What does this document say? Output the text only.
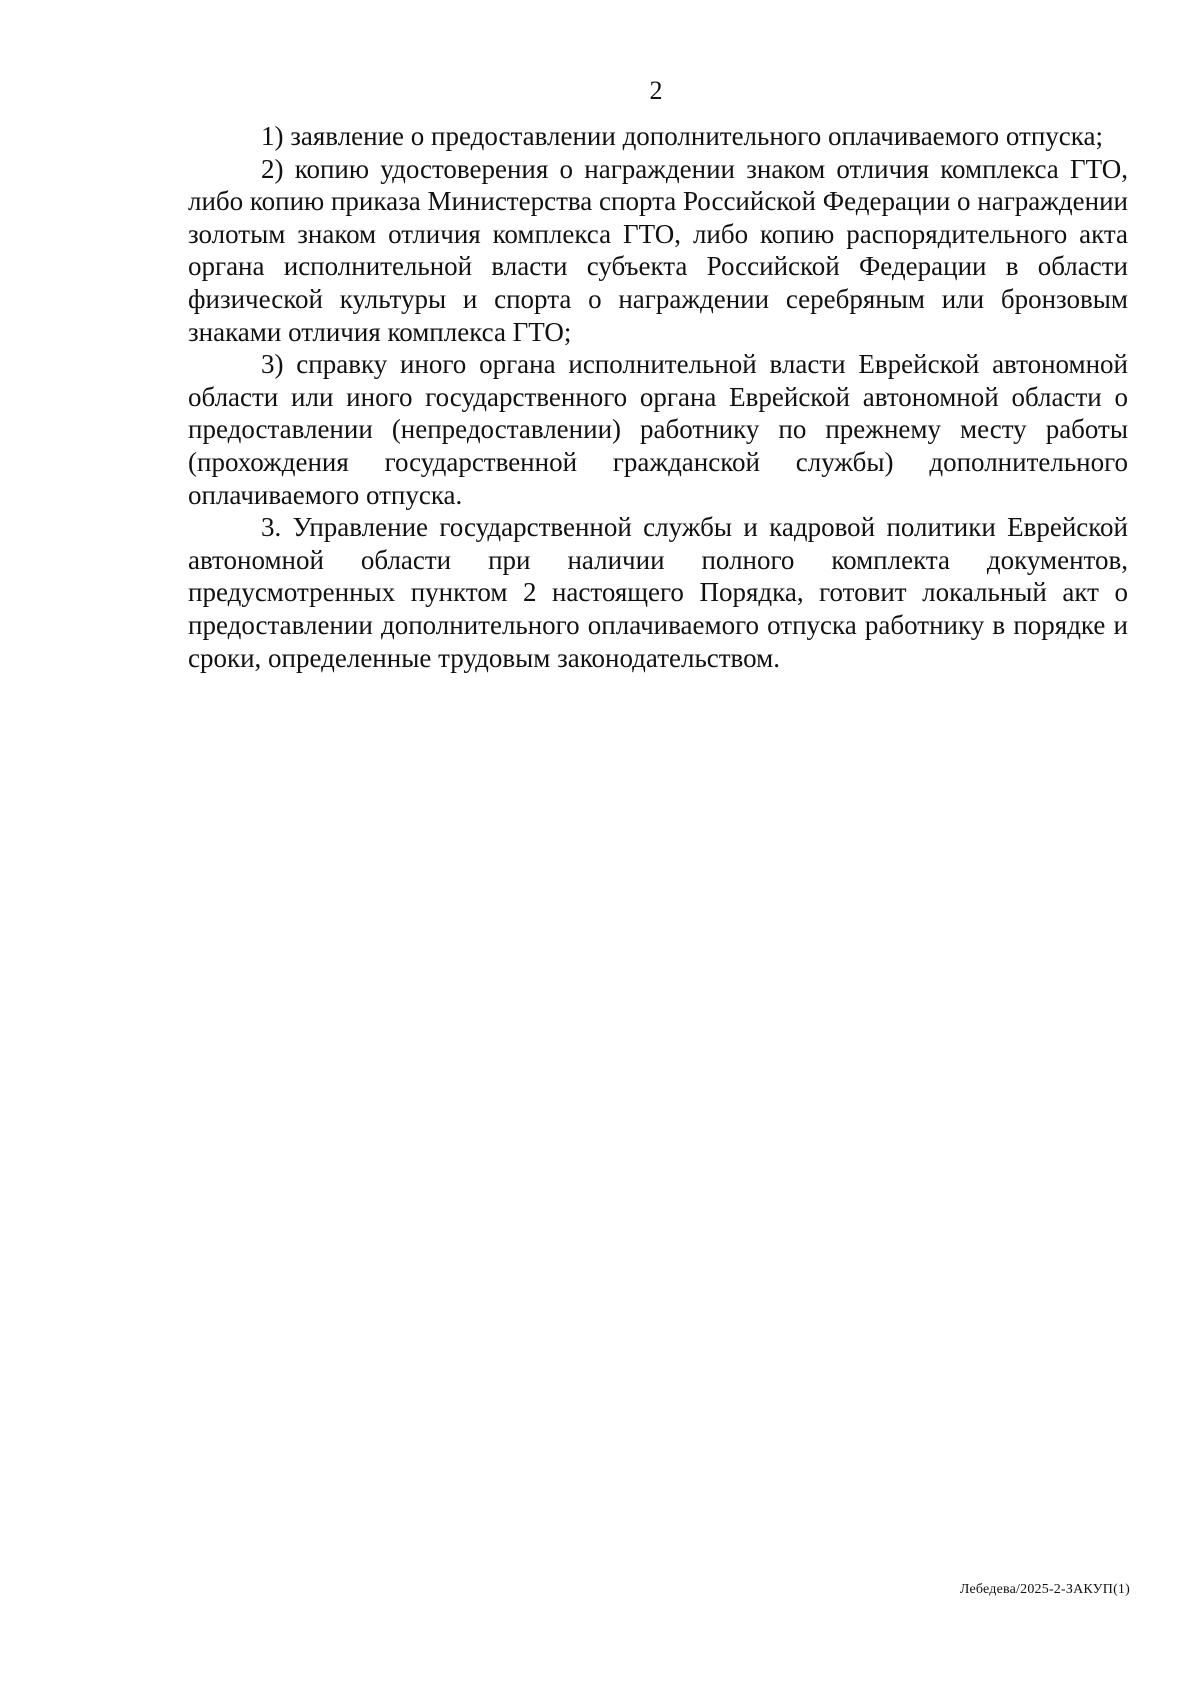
2

1) заявление о предоставлении дополнительного оплачиваемого отпуска;

2) копию удостоверения о награждении знаком отличия комплекса ГТО, либо копию приказа Министерства спорта Российской Федерации о награждении золотым знаком отличия комплекса ГТО, либо копию распорядительного акта органа исполнительной власти субъекта Российской Федерации в области физической культуры и спорта о награждении серебряным или бронзовым знаками отличия комплекса ГТО;

3) справку иного органа исполнительной власти Еврейской автономной области или иного государственного органа Еврейской автономной области о предоставлении (непредоставлении) работнику по прежнему месту работы (прохождения государственной гражданской службы) дополнительного оплачиваемого отпуска.

3. Управление государственной службы и кадровой политики Еврейской автономной области при наличии полного комплекта документов, предусмотренных пунктом 2 настоящего Порядка, готовит локальный акт о предоставлении дополнительного оплачиваемого отпуска работнику в порядке и сроки, определенные трудовым законодательством.

Лебедева/2025-2-ЗАКУП(1)
